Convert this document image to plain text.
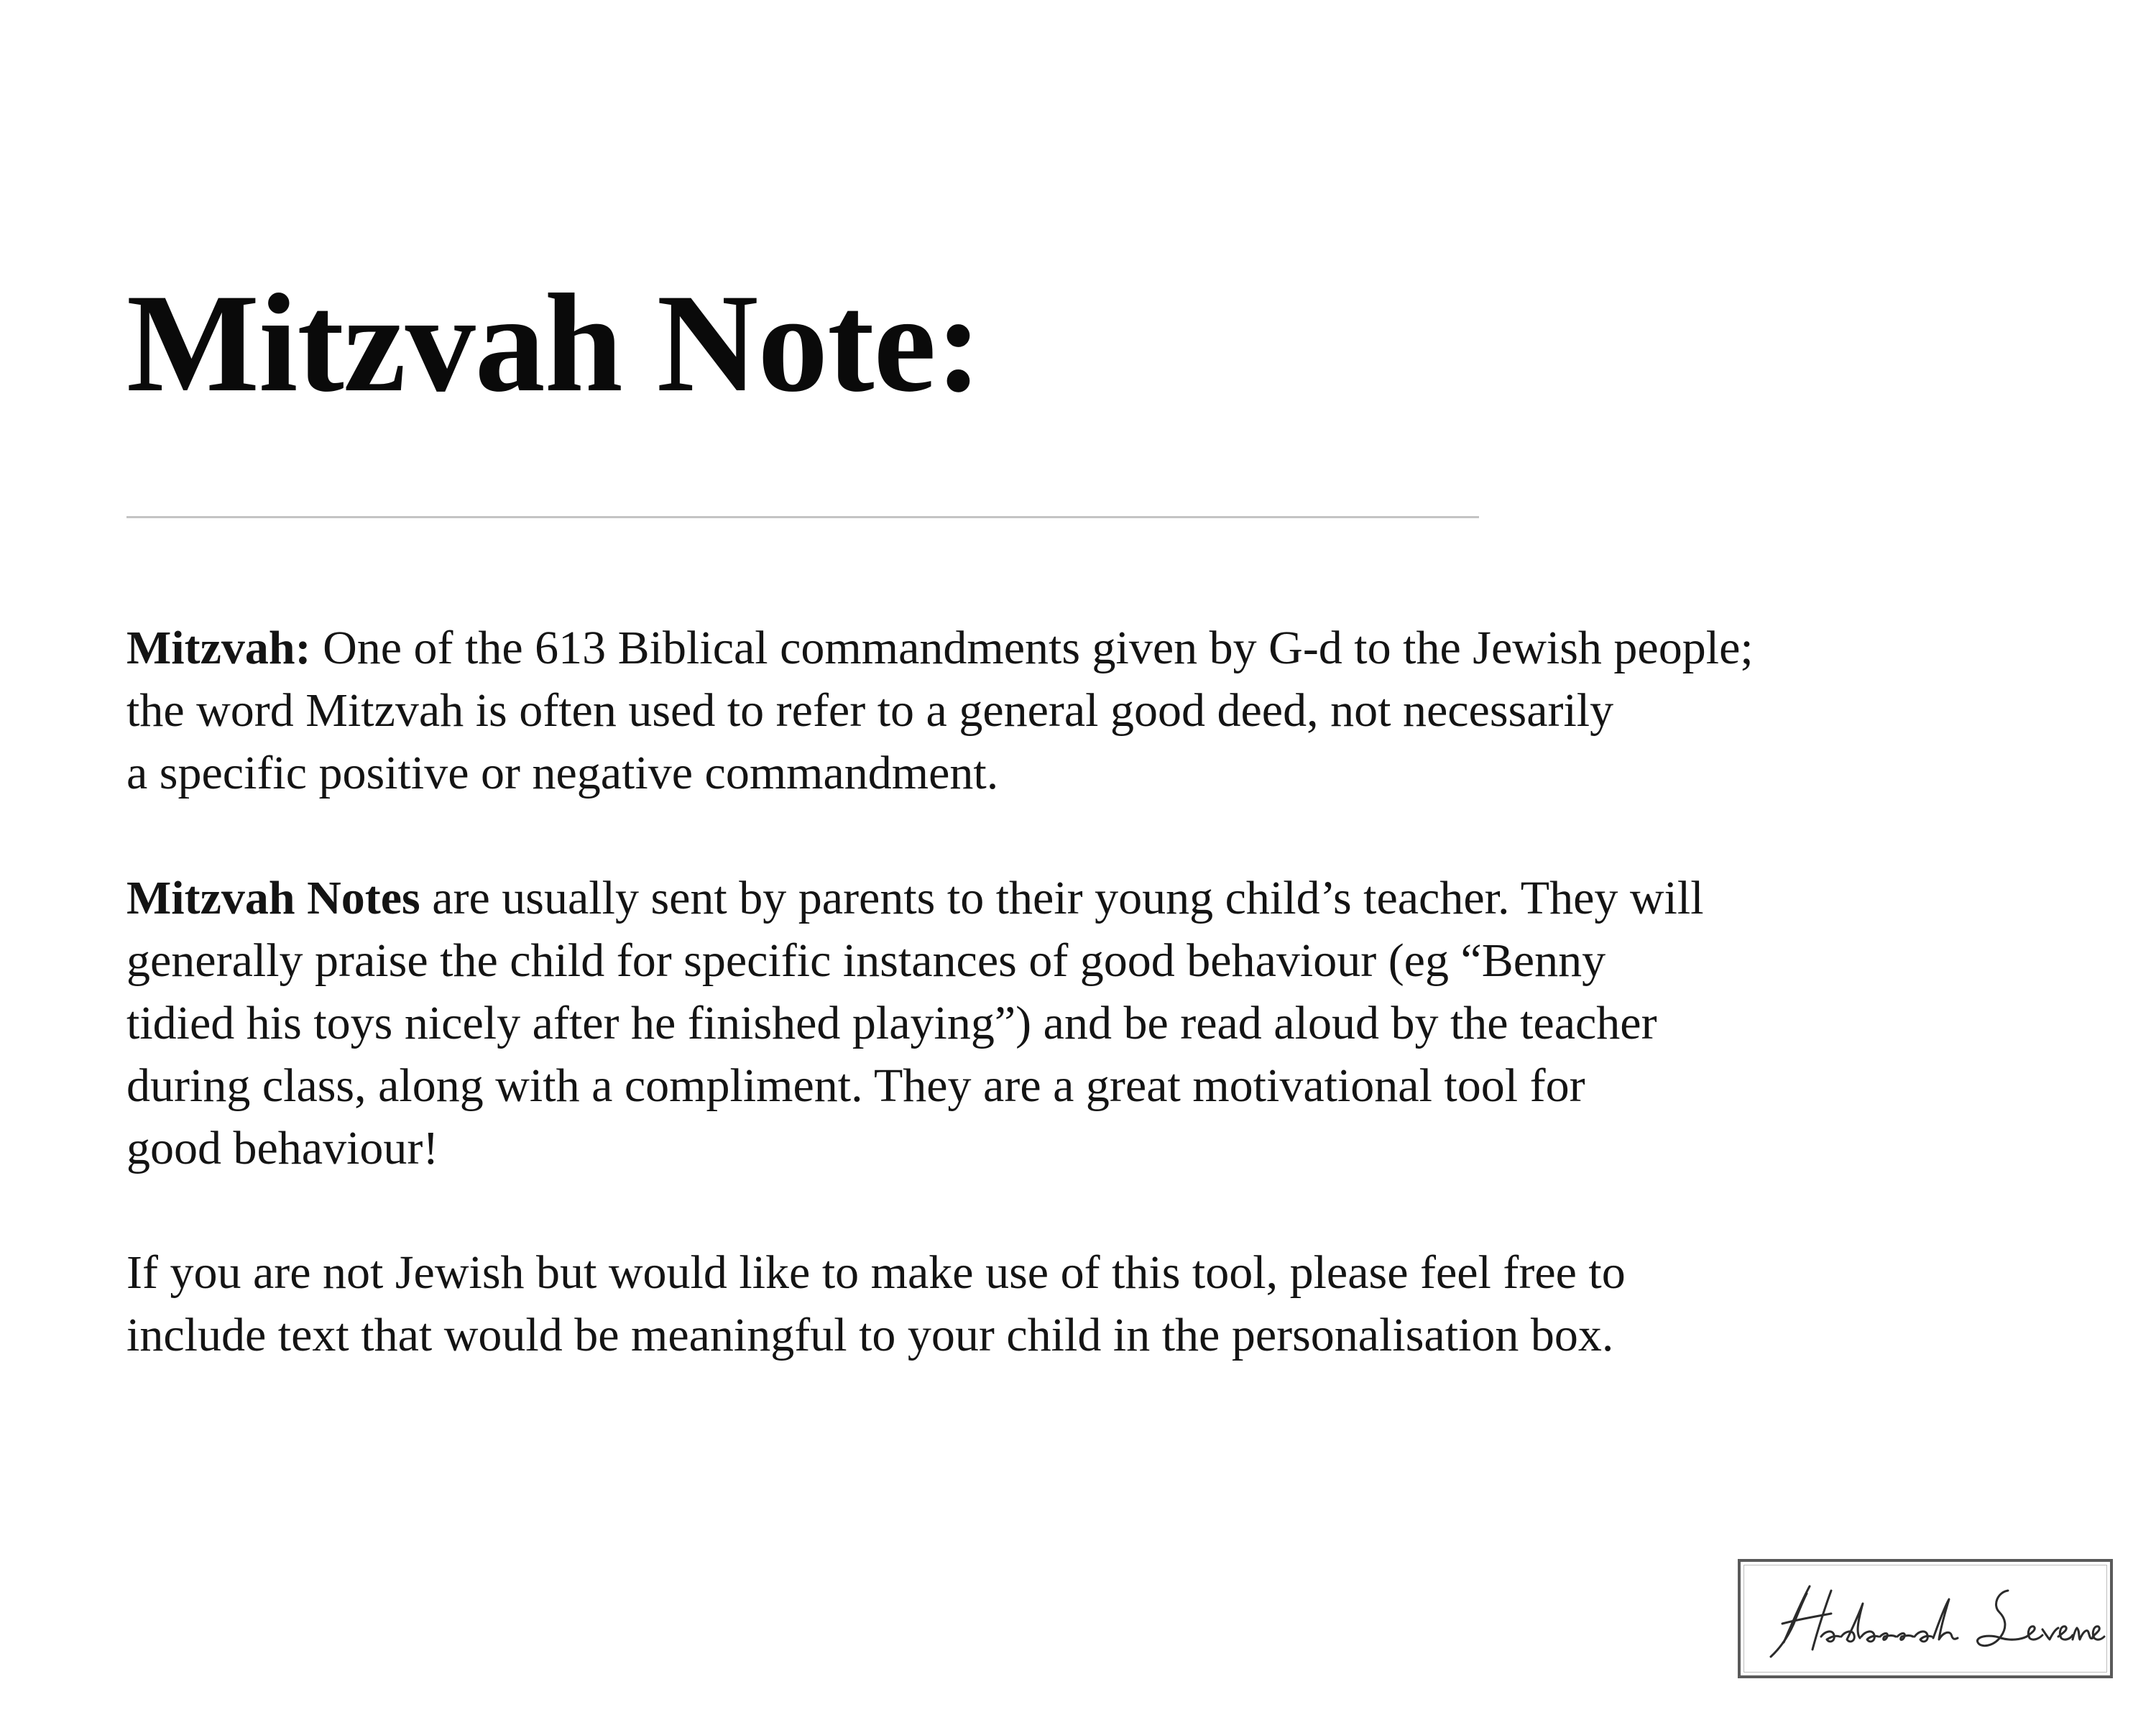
Mitzvah Note:

Mitzvah: One of the 613 Biblical commandments given by G-d to the Jewish people;
the word Mitzvah is often used to refer to a general good deed, not necessarily
a specific positive or negative commandment.

Mitzvah Notes are usually sent by parents to their young child’s teacher. They will
generally praise the child for specific instances of good behaviour (eg “Benny
tidied his toys nicely after he finished playing”) and be read aloud by the teacher
during class, along with a compliment. They are a great motivational tool for
good behaviour!

If you are not Jewish but would like to make use of this tool, please feel free to
include text that would be meaningful to your child in the personalisation box.
